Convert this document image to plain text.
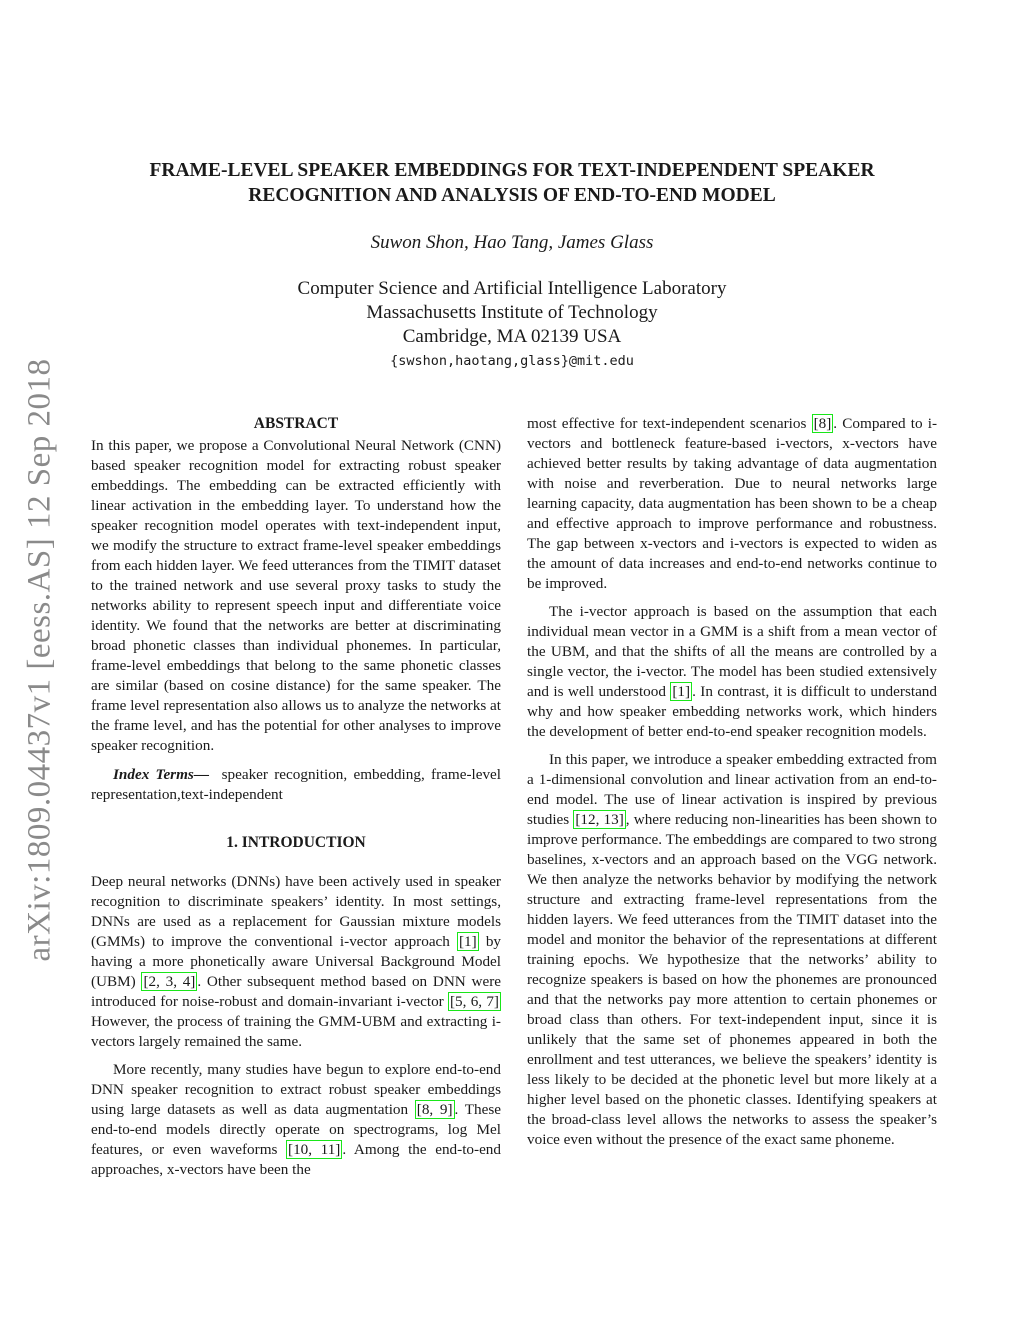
arXiv:1809.04437v1 [eess.AS] 12 Sep 2018
FRAME-LEVEL SPEAKER EMBEDDINGS FOR TEXT-INDEPENDENT SPEAKER
RECOGNITION AND ANALYSIS OF END-TO-END MODEL
Suwon Shon, Hao Tang, James Glass
Computer Science and Artificial Intelligence Laboratory
Massachusetts Institute of Technology
Cambridge, MA 02139 USA
{swshon,haotang,glass}@mit.edu
ABSTRACT

In this paper, we propose a Convolutional Neural Network (CNN) based speaker recognition model for extracting robust speaker embeddings. The embedding can be extracted efficiently with linear activation in the embedding layer. To understand how the speaker recognition model operates with text-independent input, we modify the structure to extract frame-level speaker embeddings from each hidden layer. We feed utterances from the TIMIT dataset to the trained network and use several proxy tasks to study the networks ability to represent speech input and differentiate voice identity. We found that the networks are better at discriminating broad phonetic classes than individual phonemes. In particular, frame-level embeddings that belong to the same phonetic classes are similar (based on cosine distance) for the same speaker. The frame level representation also allows us to analyze the networks at the frame level, and has the potential for other analyses to improve speaker recognition.

Index Terms— speaker recognition, embedding, frame-level representation,text-independent

1. INTRODUCTION

Deep neural networks (DNNs) have been actively used in speaker recognition to discriminate speakers’ identity. In most settings, DNNs are used as a replacement for Gaussian mixture models (GMMs) to improve the conventional i-vector approach [1] by having a more phonetically aware Universal Background Model (UBM) [2, 3, 4] . Other subsequent method based on DNN were introduced for noise-robust and domain-invariant i-vector [5, 6, 7] However, the process of training the GMM-UBM and extracting i-vectors largely remained the same.

More recently, many studies have begun to explore end-to-end DNN speaker recognition to extract robust speaker embeddings using large datasets as well as data augmentation [8, 9] . These end-to-end models directly operate on spectrograms, log Mel features, or even waveforms [10, 11] . Among the end-to-end approaches, x-vectors have been the

most effective for text-independent scenarios [8] . Compared to i-vectors and bottleneck feature-based i-vectors, x-vectors have achieved better results by taking advantage of data augmentation with noise and reverberation. Due to neural networks large learning capacity, data augmentation has been shown to be a cheap and effective approach to improve performance and robustness. The gap between x-vectors and i-vectors is expected to widen as the amount of data increases and end-to-end networks continue to be improved.

The i-vector approach is based on the assumption that each individual mean vector in a GMM is a shift from a mean vector of the UBM, and that the shifts of all the means are controlled by a single vector, the i-vector. The model has been studied extensively and is well understood [1] . In contrast, it is difficult to understand why and how speaker embedding networks work, which hinders the development of better end-to-end speaker recognition models.

In this paper, we introduce a speaker embedding extracted from a 1-dimensional convolution and linear activation from an end-to-end model. The use of linear activation is inspired by previous studies [12, 13] , where reducing non-linearities has been shown to improve performance. The embeddings are compared to two strong baselines, x-vectors and an approach based on the VGG network. We then analyze the networks behavior by modifying the network structure and extracting frame-level representations from the hidden layers. We feed utterances from the TIMIT dataset into the model and monitor the behavior of the representations at different training epochs. We hypothesize that the networks’ ability to recognize speakers is based on how the phonemes are pronounced and that the networks pay more attention to certain phonemes or broad class than others. For text-independent input, since it is unlikely that the same set of phonemes appeared in both the enrollment and test utterances, we believe the speakers’ identity is less likely to be decided at the phonetic level but more likely at a higher level based on the phonetic classes. Identifying speakers at the broad-class level allows the networks to assess the speaker’s voice even without the presence of the exact same phoneme.
